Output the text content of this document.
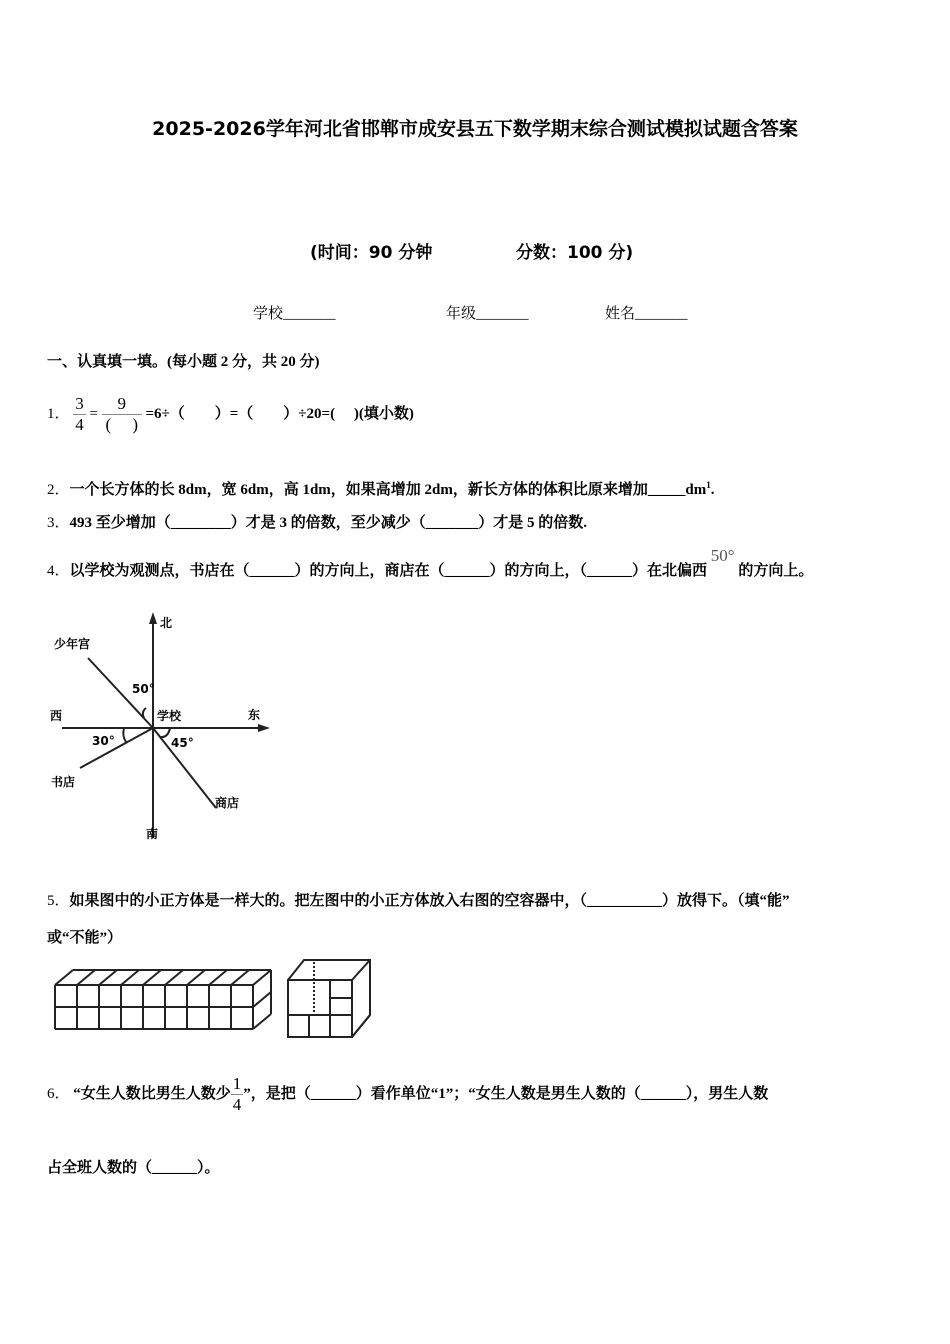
2025-2026学年河北省邯郸市成安县五下数学期末综合测试模拟试题含答案
(时间：90 分钟	分数：100 分)
学校_______	年级_______	姓名_______
一、认真填一填。(每小题 2 分，共 20 分)
1． $\frac{3}{4} = \frac{9}{( )} =6\div$（　　）=（　　）÷20=(　 )(填小数)
2．一个长方体的长 8dm，宽 6dm，高 1dm，如果高增加 2dm，新长方体的体积比原来增加$\_\_\_\_\_dm^1$.
3．493 至少增加（________）才是 3 的倍数，至少减少（_______）才是 5 的倍数.
4．以学校为观测点，书店在（______）的方向上，商店在（______）的方向上，（______）在北偏西 50° 的方向上。
北
南
东
西	学校
少年宫
书店
商店
50°
30°	45°
5．如果图中的小正方体是一样大的。把左图中的小正方体放入右图的空容器中，（__________）放得下。（填“能”
或“不能”）
6． “女生人数比男生人数少 $\frac{1}{4}$ ”，是把（______）看作单位“1”；“女生人数是男生人数的（______），男生人数
占全班人数的（______）。
